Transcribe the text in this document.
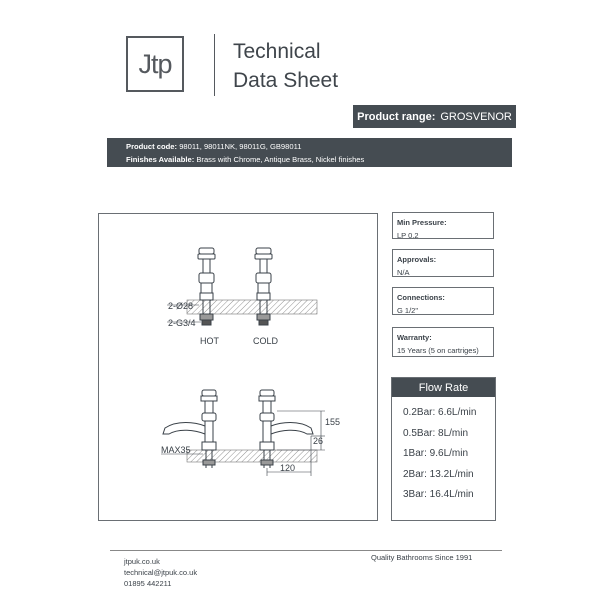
Jtp	Technical
Data Sheet
Product range: GROSVENOR
Product code: 98011, 98011NK, 98011G, GB98011
Finishes Available: Brass with Chrome, Antique Brass, Nickel finishes
2-Ø28
2-G3/4
HOT	COLD
155
26
120
MAX35
Min Pressure:
LP 0.2
Approvals:
N/A
Connections:
G 1/2"
Warranty:
15 Years (5 on cartriges)
Flow Rate
0.2Bar: 6.6L/min
0.5Bar: 8L/min
1Bar: 9.6L/min
2Bar: 13.2L/min
3Bar: 16.4L/min
jtpuk.co.uk
technical@jtpuk.co.uk
01895 442211
Quality Bathrooms Since 1991
